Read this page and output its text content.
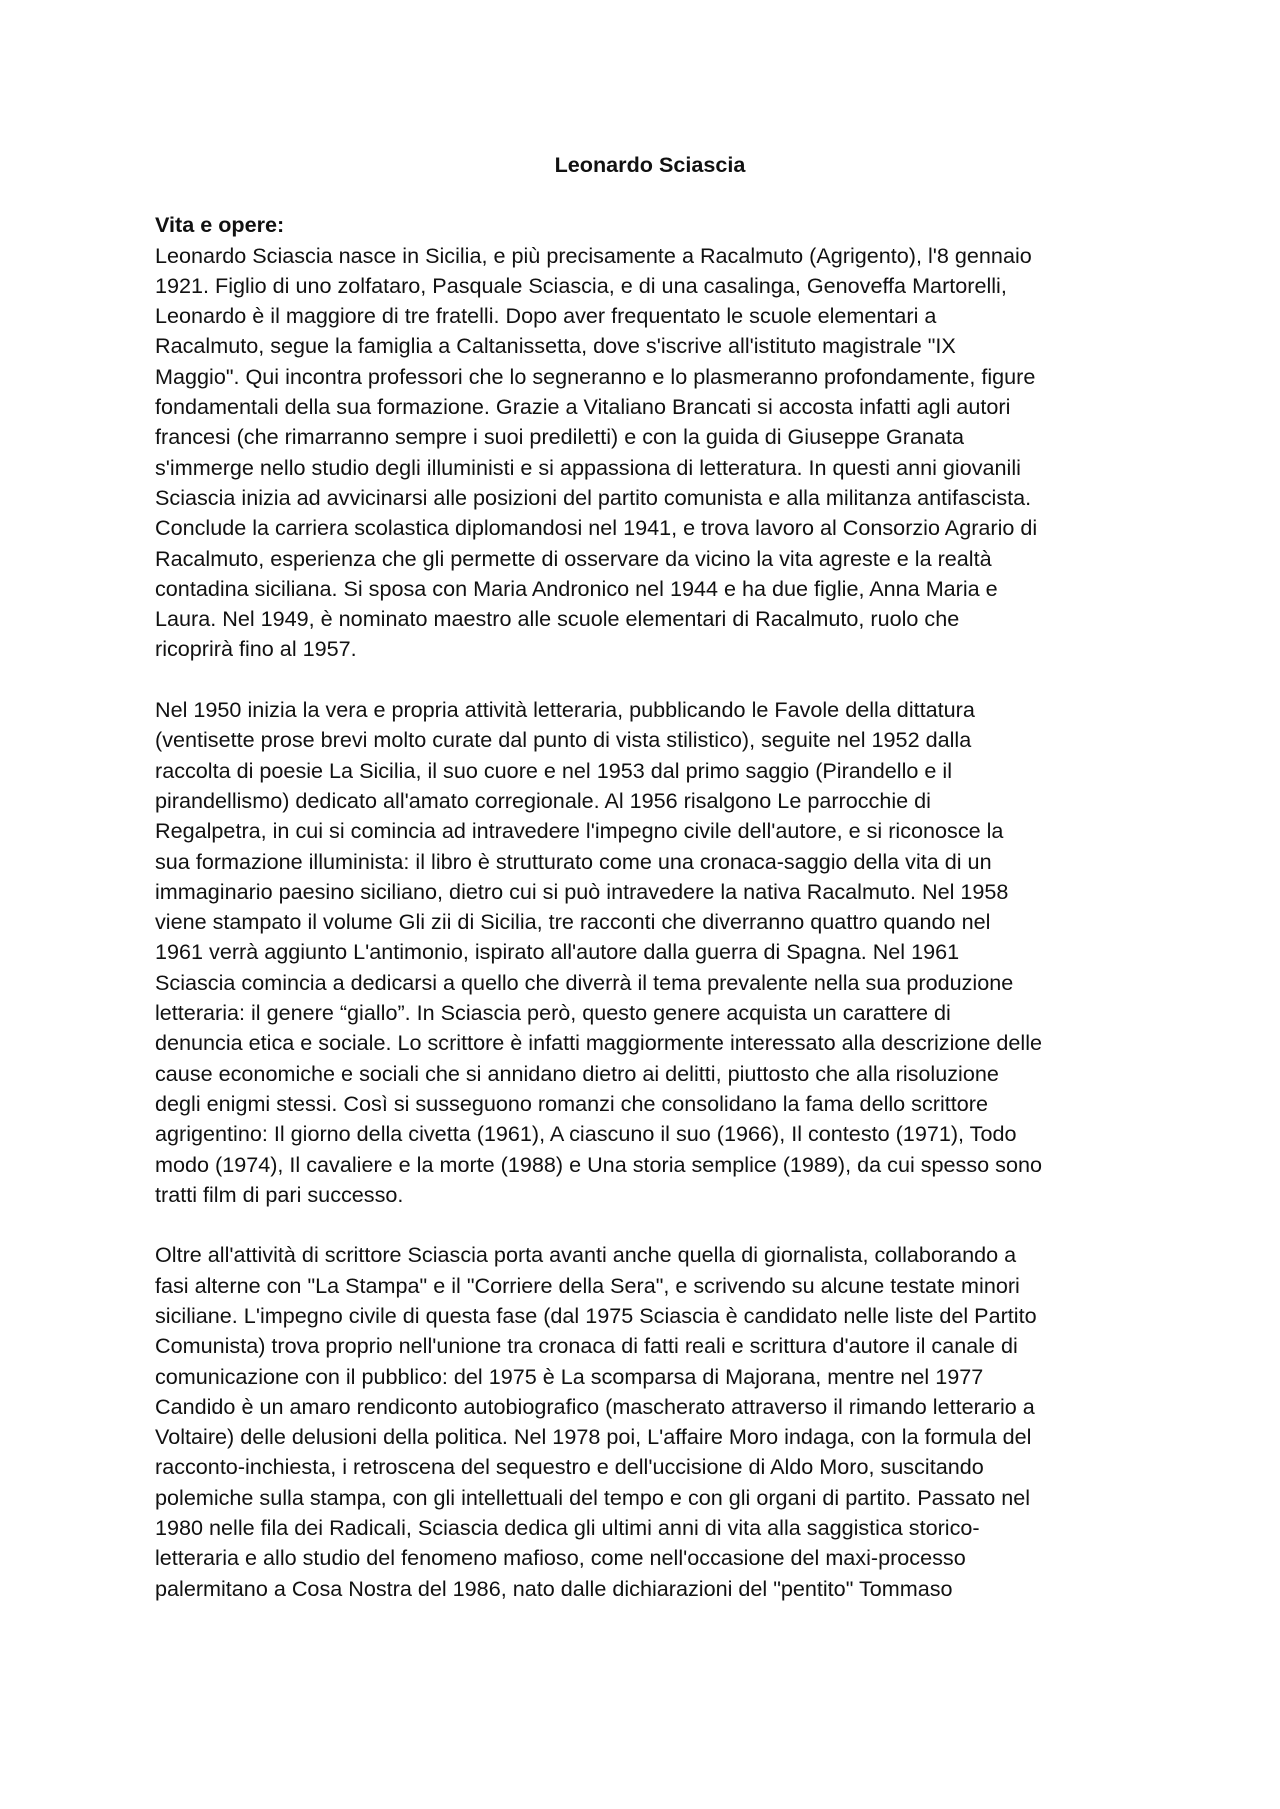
Leonardo Sciascia
Vita e opere:

Leonardo Sciascia nasce in Sicilia, e più precisamente a Racalmuto (Agrigento), l'8 gennaio

1921. Figlio di uno zolfataro, Pasquale Sciascia, e di una casalinga, Genoveffa Martorelli,

Leonardo è il maggiore di tre fratelli. Dopo aver frequentato le scuole elementari a

Racalmuto, segue la famiglia a Caltanissetta, dove s'iscrive all'istituto magistrale "IX

Maggio". Qui incontra professori che lo segneranno e lo plasmeranno profondamente, figure

fondamentali della sua formazione. Grazie a Vitaliano Brancati si accosta infatti agli autori

francesi (che rimarranno sempre i suoi prediletti) e con la guida di Giuseppe Granata

s'immerge nello studio degli illuministi e si appassiona di letteratura. In questi anni giovanili

Sciascia inizia ad avvicinarsi alle posizioni del partito comunista e alla militanza antifascista.

Conclude la carriera scolastica diplomandosi nel 1941, e trova lavoro al Consorzio Agrario di

Racalmuto, esperienza che gli permette di osservare da vicino la vita agreste e la realtà

contadina siciliana. Si sposa con Maria Andronico nel 1944 e ha due figlie, Anna Maria e

Laura. Nel 1949, è nominato maestro alle scuole elementari di Racalmuto, ruolo che

ricoprirà fino al 1957.

Nel 1950 inizia la vera e propria attività letteraria, pubblicando le Favole della dittatura

(ventisette prose brevi molto curate dal punto di vista stilistico), seguite nel 1952 dalla

raccolta di poesie La Sicilia, il suo cuore e nel 1953 dal primo saggio (Pirandello e il

pirandellismo) dedicato all'amato corregionale. Al 1956 risalgono Le parrocchie di

Regalpetra, in cui si comincia ad intravedere l'impegno civile dell'autore, e si riconosce la

sua formazione illuminista: il libro è strutturato come una cronaca-saggio della vita di un

immaginario paesino siciliano, dietro cui si può intravedere la nativa Racalmuto. Nel 1958

viene stampato il volume Gli zii di Sicilia, tre racconti che diverranno quattro quando nel

1961 verrà aggiunto L'antimonio, ispirato all'autore dalla guerra di Spagna. Nel 1961

Sciascia comincia a dedicarsi a quello che diverrà il tema prevalente nella sua produzione

letteraria: il genere “giallo”. In Sciascia però, questo genere acquista un carattere di

denuncia etica e sociale. Lo scrittore è infatti maggiormente interessato alla descrizione delle

cause economiche e sociali che si annidano dietro ai delitti, piuttosto che alla risoluzione

degli enigmi stessi. Così si susseguono romanzi che consolidano la fama dello scrittore

agrigentino: Il giorno della civetta (1961), A ciascuno il suo (1966), Il contesto (1971), Todo

modo (1974), Il cavaliere e la morte (1988) e Una storia semplice (1989), da cui spesso sono

tratti film di pari successo.

Oltre all'attività di scrittore Sciascia porta avanti anche quella di giornalista, collaborando a

fasi alterne con "La Stampa" e il "Corriere della Sera", e scrivendo su alcune testate minori

siciliane. L'impegno civile di questa fase (dal 1975 Sciascia è candidato nelle liste del Partito

Comunista) trova proprio nell'unione tra cronaca di fatti reali e scrittura d'autore il canale di

comunicazione con il pubblico: del 1975 è La scomparsa di Majorana, mentre nel 1977

Candido è un amaro rendiconto autobiografico (mascherato attraverso il rimando letterario a

Voltaire) delle delusioni della politica. Nel 1978 poi, L'affaire Moro indaga, con la formula del

racconto-inchiesta, i retroscena del sequestro e dell'uccisione di Aldo Moro, suscitando

polemiche sulla stampa, con gli intellettuali del tempo e con gli organi di partito. Passato nel

1980 nelle fila dei Radicali, Sciascia dedica gli ultimi anni di vita alla saggistica storico-

letteraria e allo studio del fenomeno mafioso, come nell'occasione del maxi-processo

palermitano a Cosa Nostra del 1986, nato dalle dichiarazioni del "pentito" Tommaso
